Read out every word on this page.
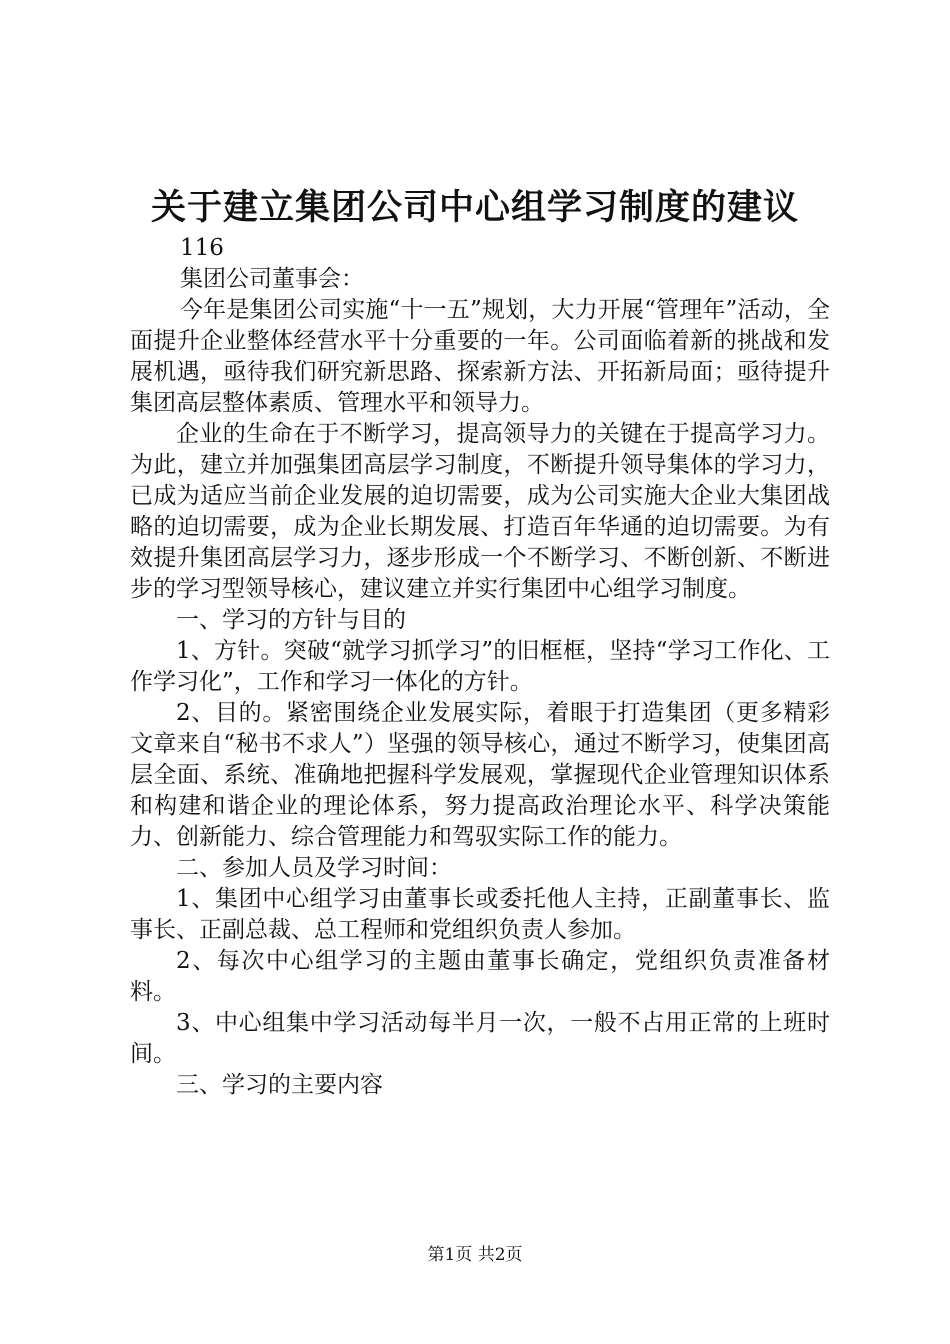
关于建立集团公司中心组学习制度的建议

116

集团公司董事会：

今年是集团公司实施“十一五”规划，大力开展“管理年”活动，全面提升企业整体经营水平十分重要的一年。公司面临着新的挑战和发展机遇，亟待我们研究新思路、探索新方法、开拓新局面；亟待提升集团高层整体素质、管理水平和领导力。

企业的生命在于不断学习，提高领导力的关键在于提高学习力。为此，建立并加强集团高层学习制度，不断提升领导集体的学习力，已成为适应当前企业发展的迫切需要，成为公司实施大企业大集团战略的迫切需要，成为企业长期发展、打造百年华通的迫切需要。为有效提升集团高层学习力，逐步形成一个不断学习、不断创新、不断进步的学习型领导核心，建议建立并实行集团中心组学习制度。

一、学习的方针与目的

1、方针。突破“就学习抓学习”的旧框框，坚持“学习工作化、工作学习化”，工作和学习一体化的方针。

2、目的。紧密围绕企业发展实际，着眼于打造集团（更多精彩文章来自“秘书不求人”）坚强的领导核心，通过不断学习，使集团高层全面、系统、准确地把握科学发展观，掌握现代企业管理知识体系和构建和谐企业的理论体系，努力提高政治理论水平、科学决策能力、创新能力、综合管理能力和驾驭实际工作的能力。

二、参加人员及学习时间：

1、集团中心组学习由董事长或委托他人主持，正副董事长、监事长、正副总裁、总工程师和党组织负责人参加。

2、每次中心组学习的主题由董事长确定，党组织负责准备材料。

3、中心组集中学习活动每半月一次，一般不占用正常的上班时间。

三、学习的主要内容

第1页 共2页
